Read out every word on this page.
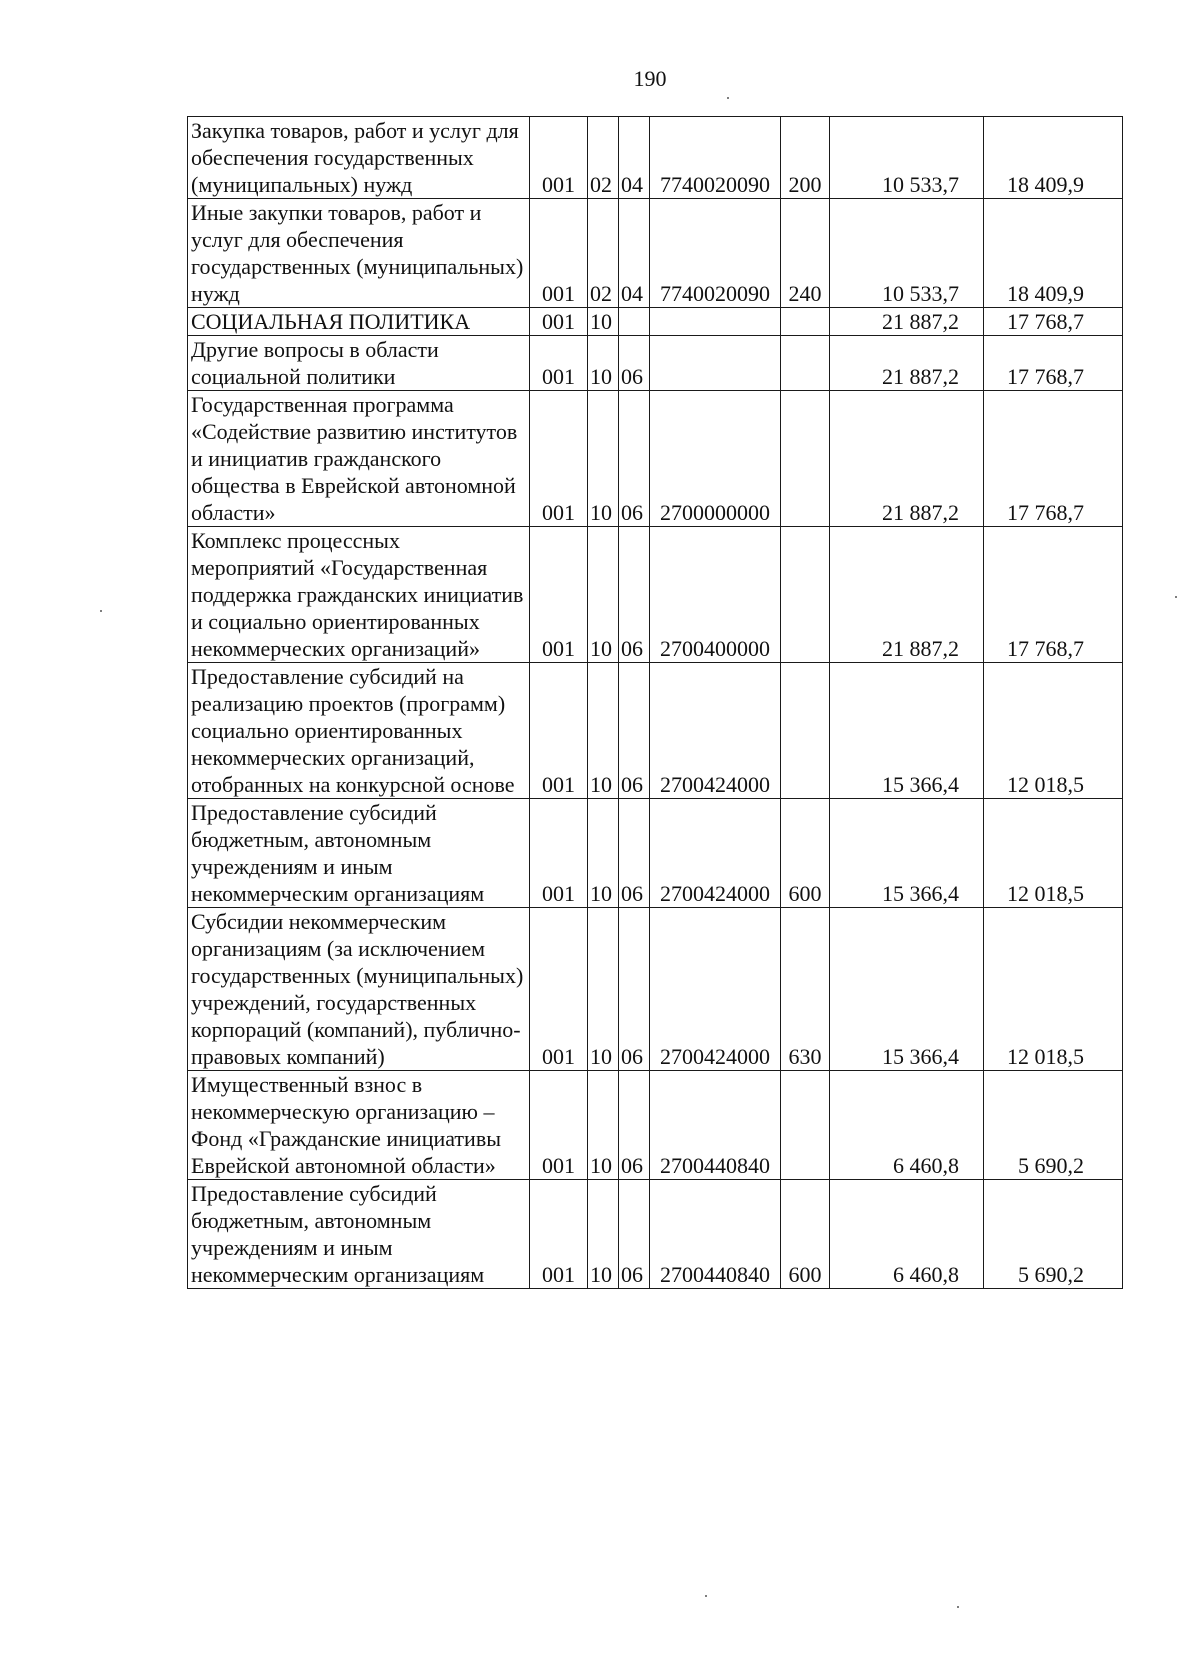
190
Закупка товаров, работ и услуг для обеспечения государственных (муниципальных) нужд	001	02	04	7740020090	200	10 533,7	18 409,9
Иные закупки товаров, работ и услуг для обеспечения государственных (муниципальных) нужд	001	02	04	7740020090	240	10 533,7	18 409,9
СОЦИАЛЬНАЯ ПОЛИТИКА	001	10				21 887,2	17 768,7
Другие вопросы в области социальной политики	001	10	06			21 887,2	17 768,7
Государственная программа «Содействие развитию институтов и инициатив гражданского общества в Еврейской автономной области»	001	10	06	2700000000		21 887,2	17 768,7
Комплекс процессных мероприятий «Государственная поддержка гражданских инициатив и социально ориентированных некоммерческих организаций»	001	10	06	2700400000		21 887,2	17 768,7
Предоставление субсидий на реализацию проектов (программ) социально ориентированных некоммерческих организаций, отобранных на конкурсной основе	001	10	06	2700424000		15 366,4	12 018,5
Предоставление субсидий бюджетным, автономным учреждениям и иным некоммерческим организациям	001	10	06	2700424000	600	15 366,4	12 018,5
Субсидии некоммерческим организациям (за исключением государственных (муниципальных) учреждений, государственных корпораций (компаний), публично-правовых компаний)	001	10	06	2700424000	630	15 366,4	12 018,5
Имущественный взнос в некоммерческую организацию – Фонд «Гражданские инициативы Еврейской автономной области»	001	10	06	2700440840		6 460,8	5 690,2
Предоставление субсидий бюджетным, автономным учреждениям и иным некоммерческим организациям	001	10	06	2700440840	600	6 460,8	5 690,2
